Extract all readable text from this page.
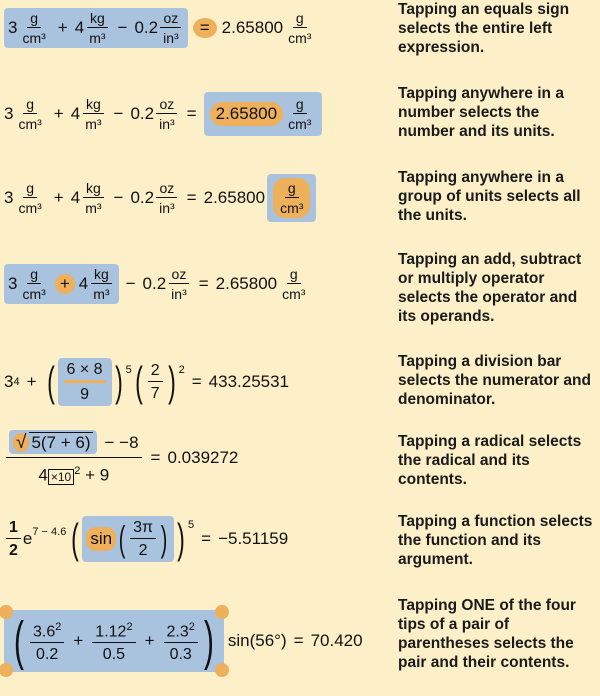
$3 \frac{g}{\text{cm³}} + 4 \frac{kg}{\text{m³}} - 0.2 \frac{oz}{\text{in³}} = 2.65800 \frac{g}{\text{cm³}}$
Tapping an equals sign selects the entire left expression.
$3 \frac{g}{\text{cm³}} + 4 \frac{kg}{\text{m³}} - 0.2 \frac{oz}{\text{in³}} = 2.65800 \frac{g}{\text{cm³}}$
Tapping anywhere in a number selects the number and its units.
$3 \frac{g}{\text{cm³}} + 4 \frac{kg}{\text{m³}} - 0.2 \frac{oz}{\text{in³}} = 2.65800 \frac{g}{\text{cm³}}$
Tapping anywhere in a group of units selects all the units.
$3 \frac{g}{\text{cm³}} + 4 \frac{kg}{\text{m³}} - 0.2 \frac{oz}{\text{in³}} = 2.65800 \frac{g}{\text{cm³}}$
Tapping an add, subtract or multiply operator selects the operator and its operands.
3 4 + ( $\frac{6 \times 8}{9}$ ) $^5$ ( $\frac{2}{7}$ ) $^2$
= 433.25531
Tapping a division bar selects the numerator and denominator.
$\frac{√ 5(7 + 6) - -8}{4 \times 10 ^2 + 9} = 0.039272$
Tapping a radical selects the radical and its contents.
$\frac{1}{2} e^{7 - 4.6}$ ( sin ( $\frac{3\pi}{2}$ ) ) $^5$
= −5.51159
Tapping a function selects the function and its argument.
( $\frac{3.6^2}{0.2} + \frac{1.12^2}{0.5} + \frac{2.3^2}{0.3}$ ) sin(56°) = 70.420
Tapping ONE of the four tips of a pair of parentheses selects the pair and their contents.
